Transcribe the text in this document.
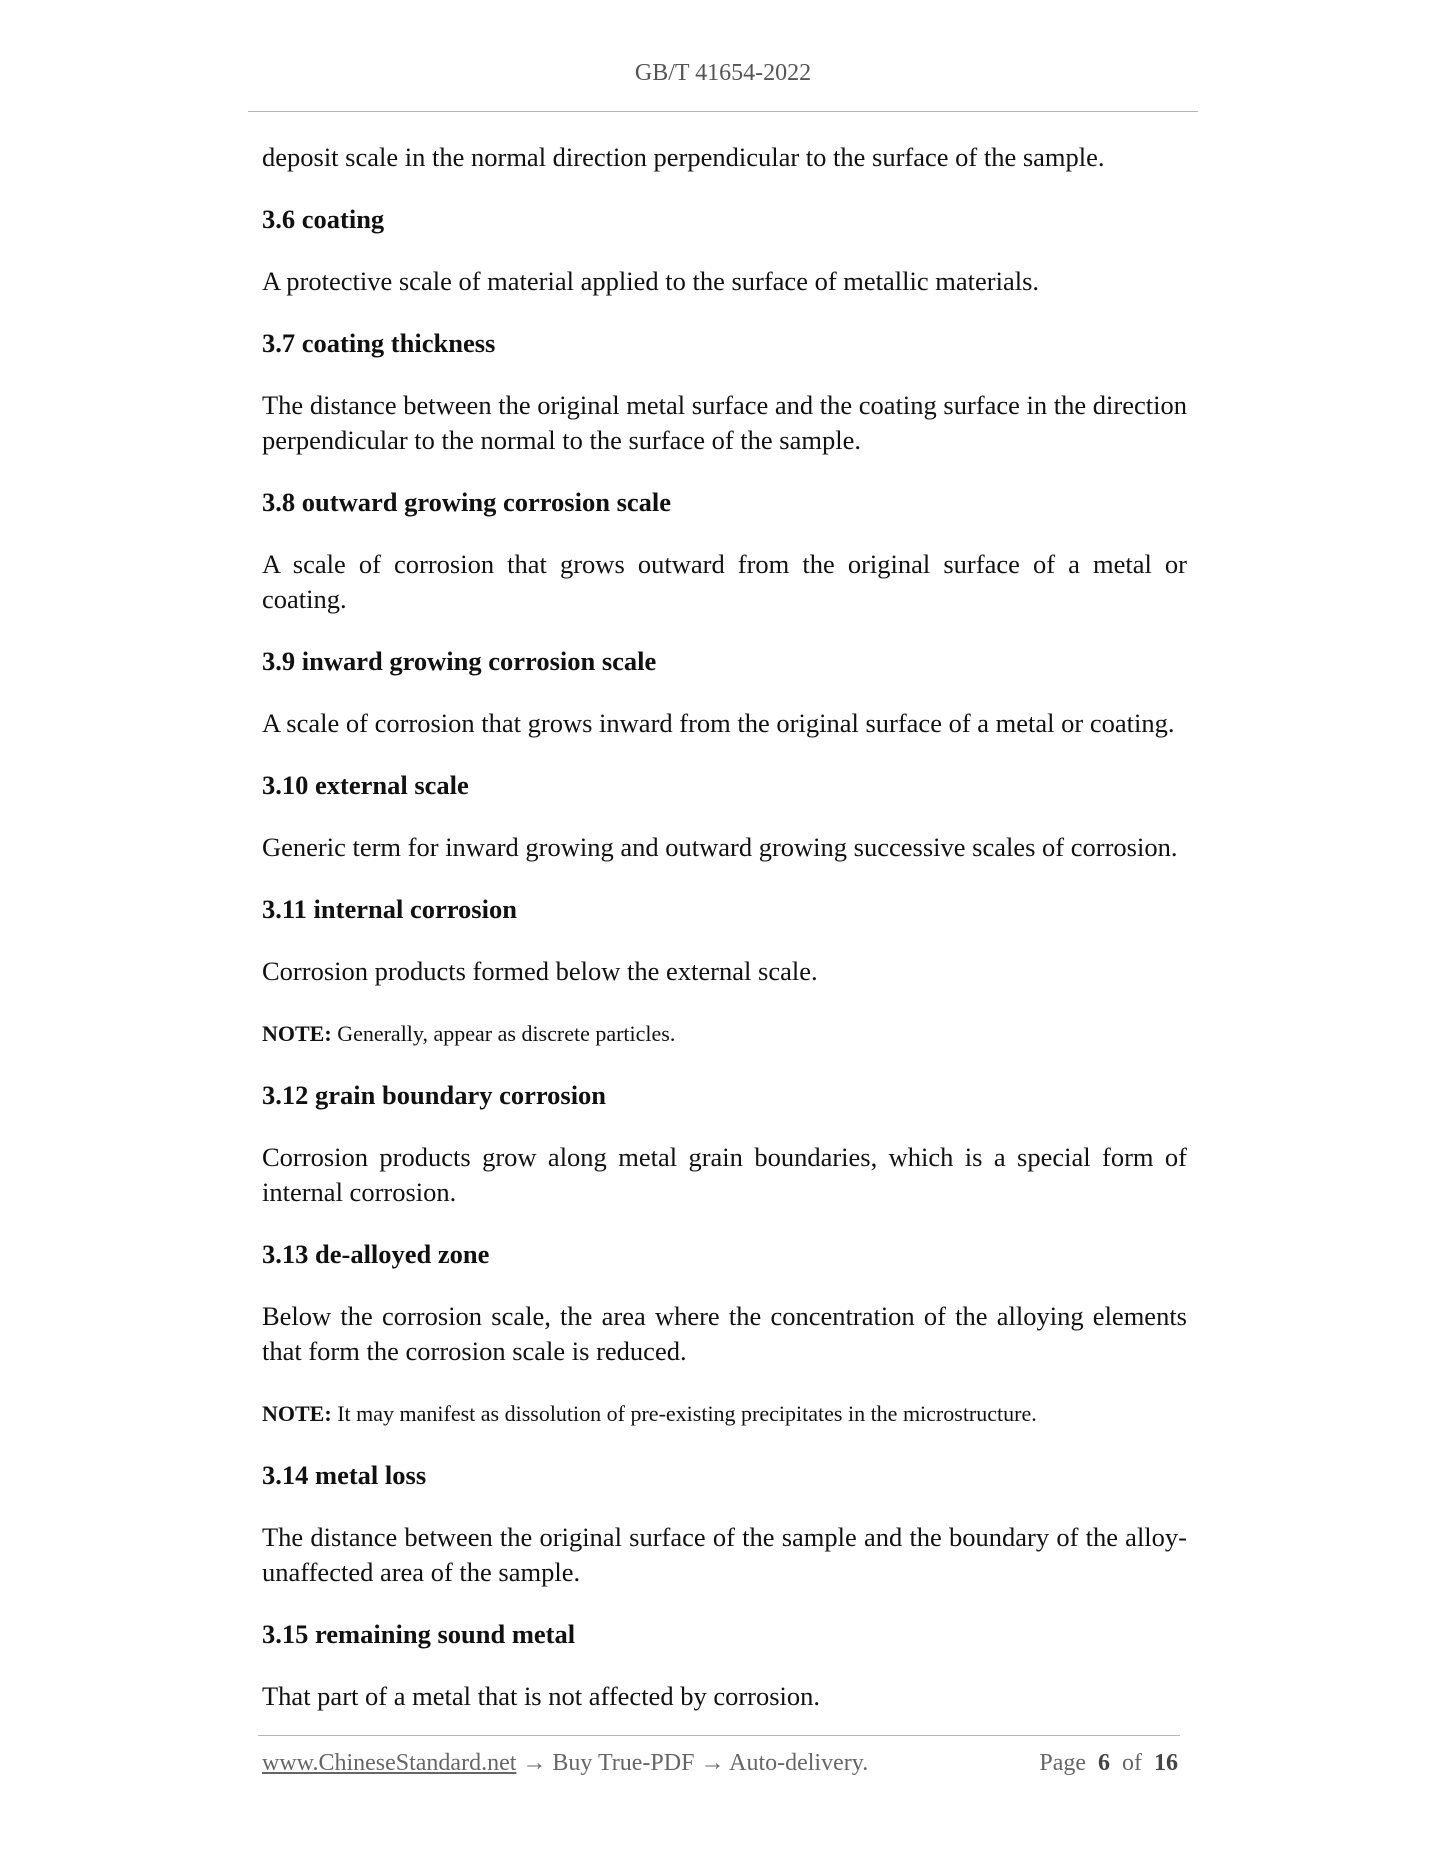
GB/T 41654-2022

deposit scale in the normal direction perpendicular to the surface of the sample.

3.6 coating

A protective scale of material applied to the surface of metallic materials.

3.7 coating thickness

The distance between the original metal surface and the coating surface in the direction perpendicular to the normal to the surface of the sample.

3.8 outward growing corrosion scale

A scale of corrosion that grows outward from the original surface of a metal or coating.

3.9 inward growing corrosion scale

A scale of corrosion that grows inward from the original surface of a metal or coating.

3.10 external scale

Generic term for inward growing and outward growing successive scales of corrosion.

3.11 internal corrosion

Corrosion products formed below the external scale.

NOTE: Generally, appear as discrete particles.

3.12 grain boundary corrosion

Corrosion products grow along metal grain boundaries, which is a special form of internal corrosion.

3.13 de-alloyed zone

Below the corrosion scale, the area where the concentration of the alloying elements that form the corrosion scale is reduced.

NOTE: It may manifest as dissolution of pre-existing precipitates in the microstructure.

3.14 metal loss

The distance between the original surface of the sample and the boundary of the alloy-unaffected area of the sample.

3.15 remaining sound metal

That part of a metal that is not affected by corrosion.

www.ChineseStandard.net → Buy True-PDF → Auto-delivery.	Page 6 of 16
